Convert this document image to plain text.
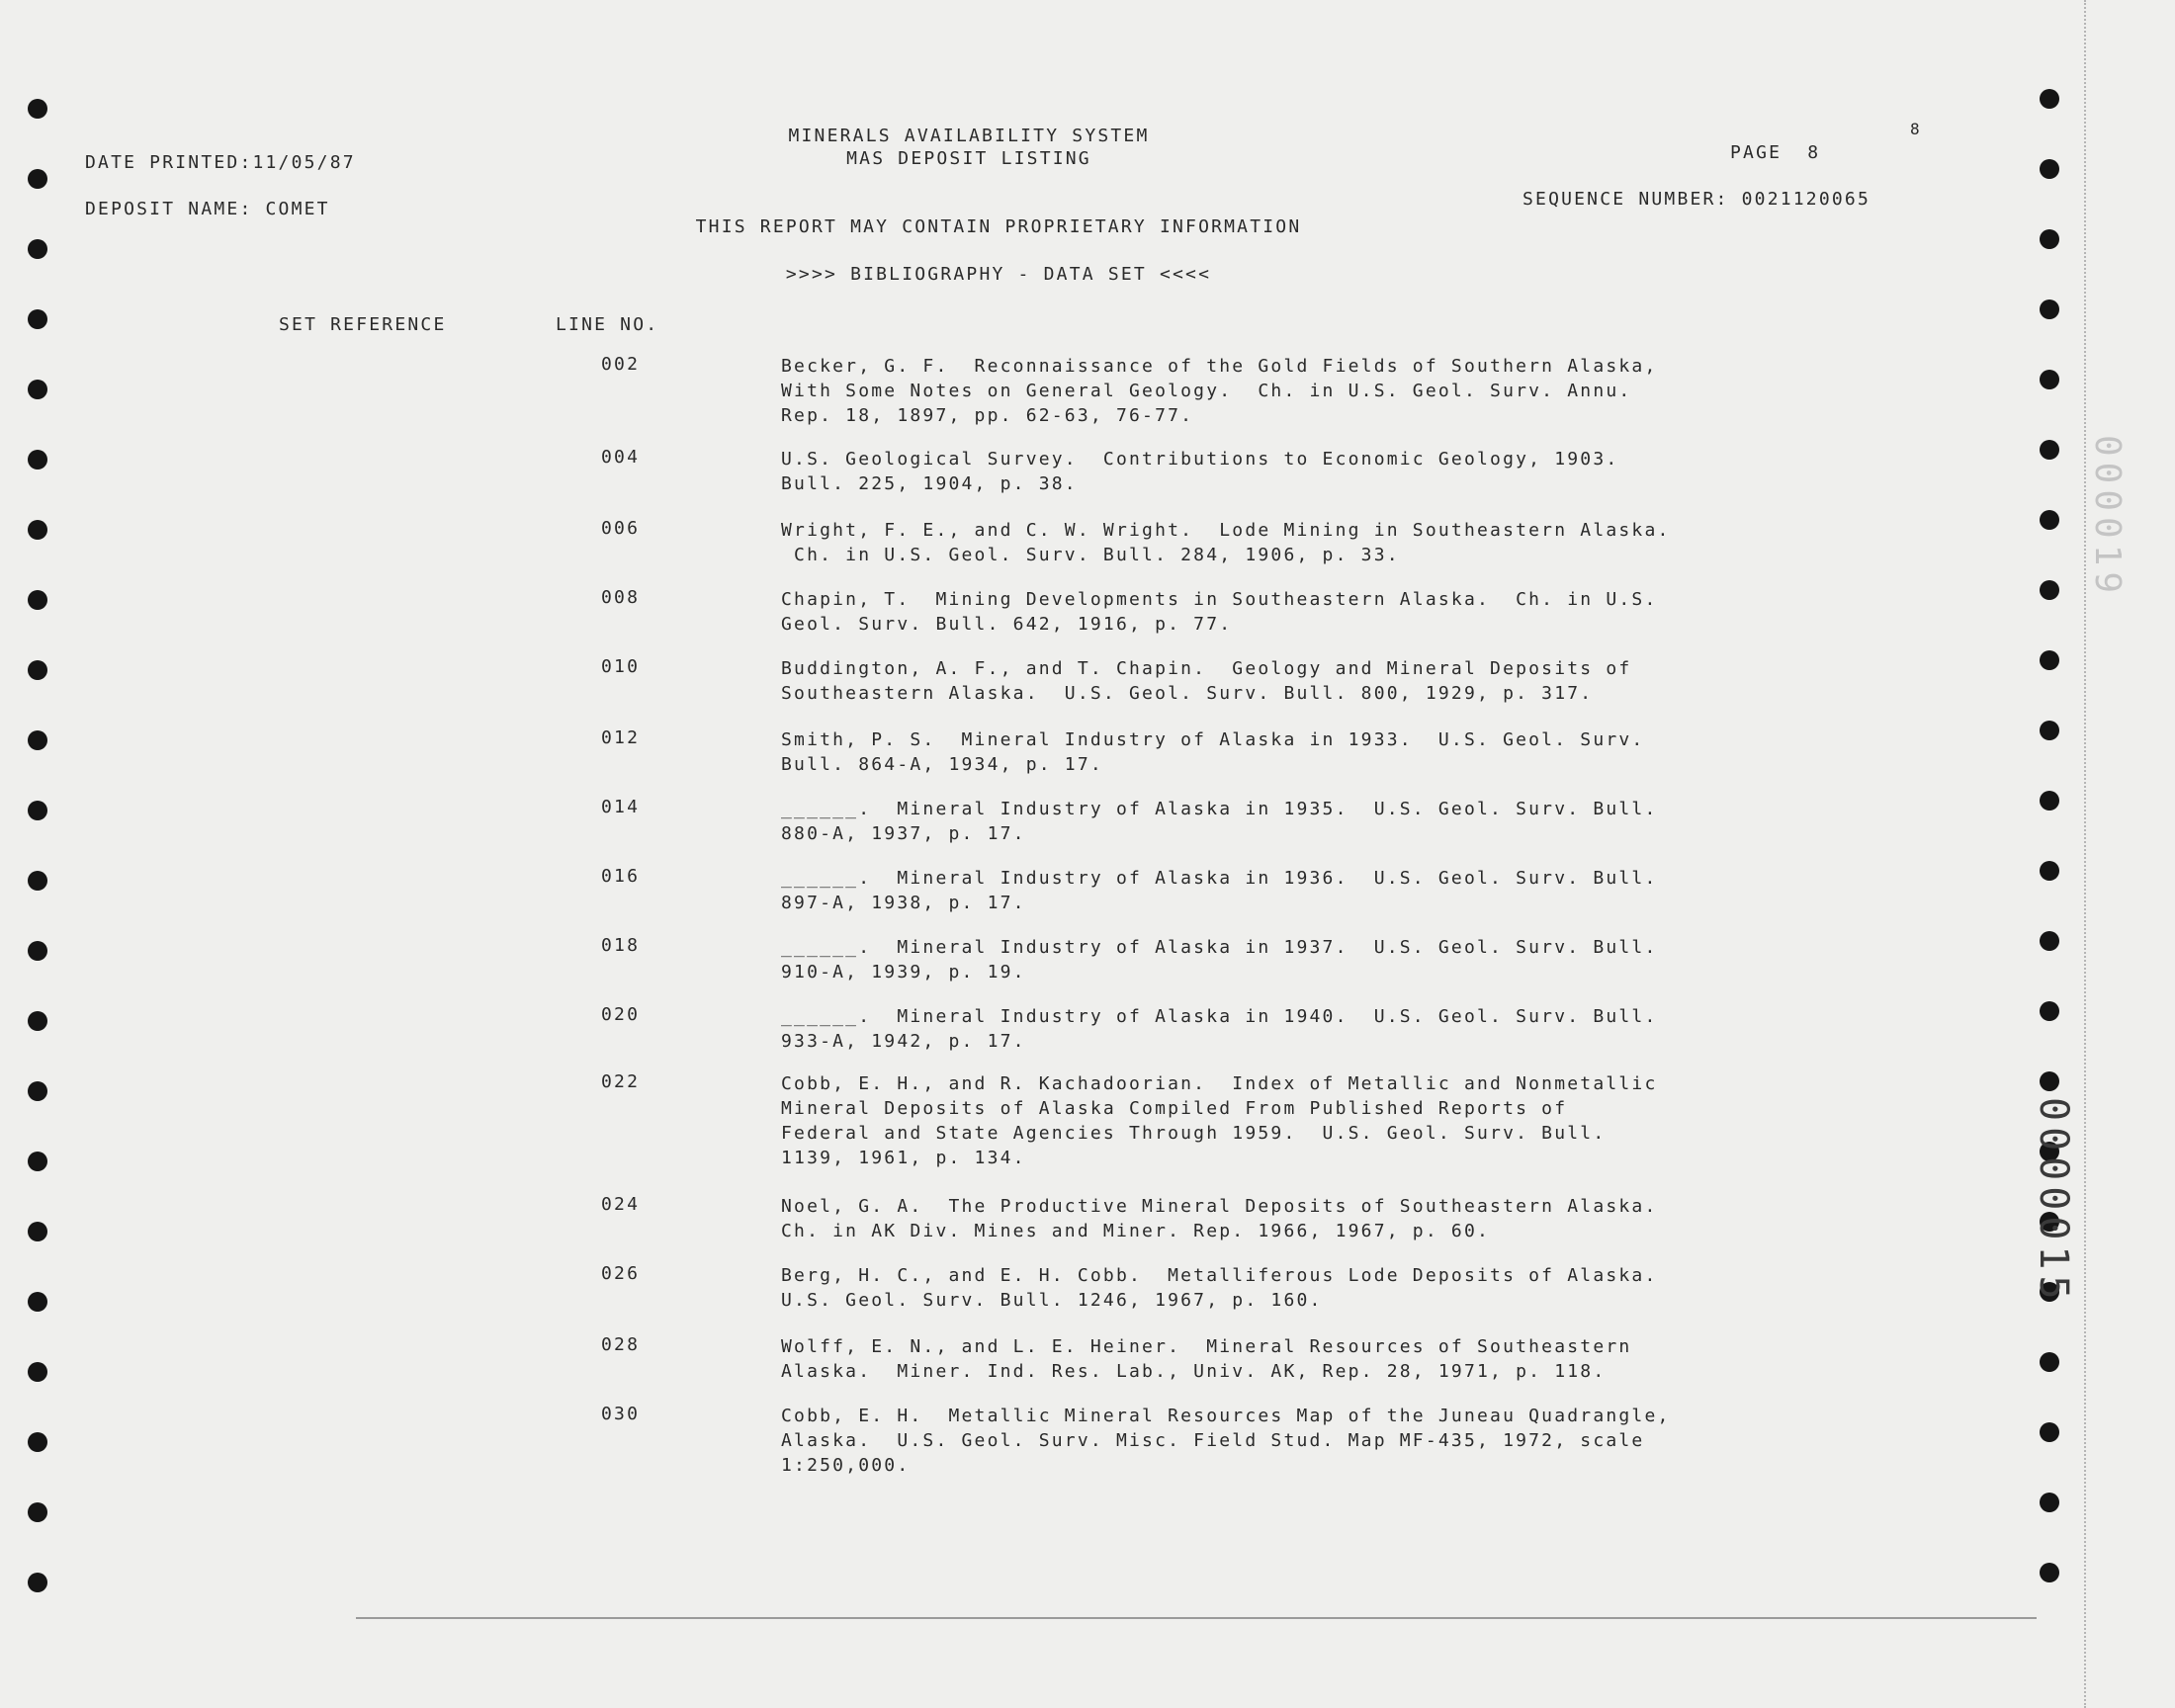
MINERALS AVAILABILITY SYSTEM
MAS DEPOSIT LISTING
DATE PRINTED:11/05/87	PAGE  8
8
DEPOSIT NAME: COMET	SEQUENCE NUMBER: 0021120065
THIS REPORT MAY CONTAIN PROPRIETARY INFORMATION
>>>> BIBLIOGRAPHY - DATA SET <<<<
SET REFERENCE	LINE NO.
002	Becker, G. F.  Reconnaissance of the Gold Fields of Southern Alaska,
With Some Notes on General Geology.  Ch. in U.S. Geol. Surv. Annu.
Rep. 18, 1897, pp. 62-63, 76-77.
004	U.S. Geological Survey.  Contributions to Economic Geology, 1903.
Bull. 225, 1904, p. 38.
006	Wright, F. E., and C. W. Wright.  Lode Mining in Southeastern Alaska.
Ch. in U.S. Geol. Surv. Bull. 284, 1906, p. 33.
008	Chapin, T.  Mining Developments in Southeastern Alaska.  Ch. in U.S.
Geol. Surv. Bull. 642, 1916, p. 77.
010	Buddington, A. F., and T. Chapin.  Geology and Mineral Deposits of
Southeastern Alaska.  U.S. Geol. Surv. Bull. 800, 1929, p. 317.
012	Smith, P. S.  Mineral Industry of Alaska in 1933.  U.S. Geol. Surv.
Bull. 864-A, 1934, p. 17.
014	______.  Mineral Industry of Alaska in 1935.  U.S. Geol. Surv. Bull.
880-A, 1937, p. 17.
016	______.  Mineral Industry of Alaska in 1936.  U.S. Geol. Surv. Bull.
897-A, 1938, p. 17.
018	______.  Mineral Industry of Alaska in 1937.  U.S. Geol. Surv. Bull.
910-A, 1939, p. 19.
020	______.  Mineral Industry of Alaska in 1940.  U.S. Geol. Surv. Bull.
933-A, 1942, p. 17.
022	Cobb, E. H., and R. Kachadoorian.  Index of Metallic and Nonmetallic
Mineral Deposits of Alaska Compiled From Published Reports of
Federal and State Agencies Through 1959.  U.S. Geol. Surv. Bull.
1139, 1961, p. 134.
024	Noel, G. A.  The Productive Mineral Deposits of Southeastern Alaska.
Ch. in AK Div. Mines and Miner. Rep. 1966, 1967, p. 60.
026	Berg, H. C., and E. H. Cobb.  Metalliferous Lode Deposits of Alaska.
U.S. Geol. Surv. Bull. 1246, 1967, p. 160.
028	Wolff, E. N., and L. E. Heiner.  Mineral Resources of Southeastern
Alaska.  Miner. Ind. Res. Lab., Univ. AK, Rep. 28, 1971, p. 118.
030	Cobb, E. H.  Metallic Mineral Resources Map of the Juneau Quadrangle,
Alaska.  U.S. Geol. Surv. Misc. Field Stud. Map MF-435, 1972, scale
1:250,000.
0000015
000019
